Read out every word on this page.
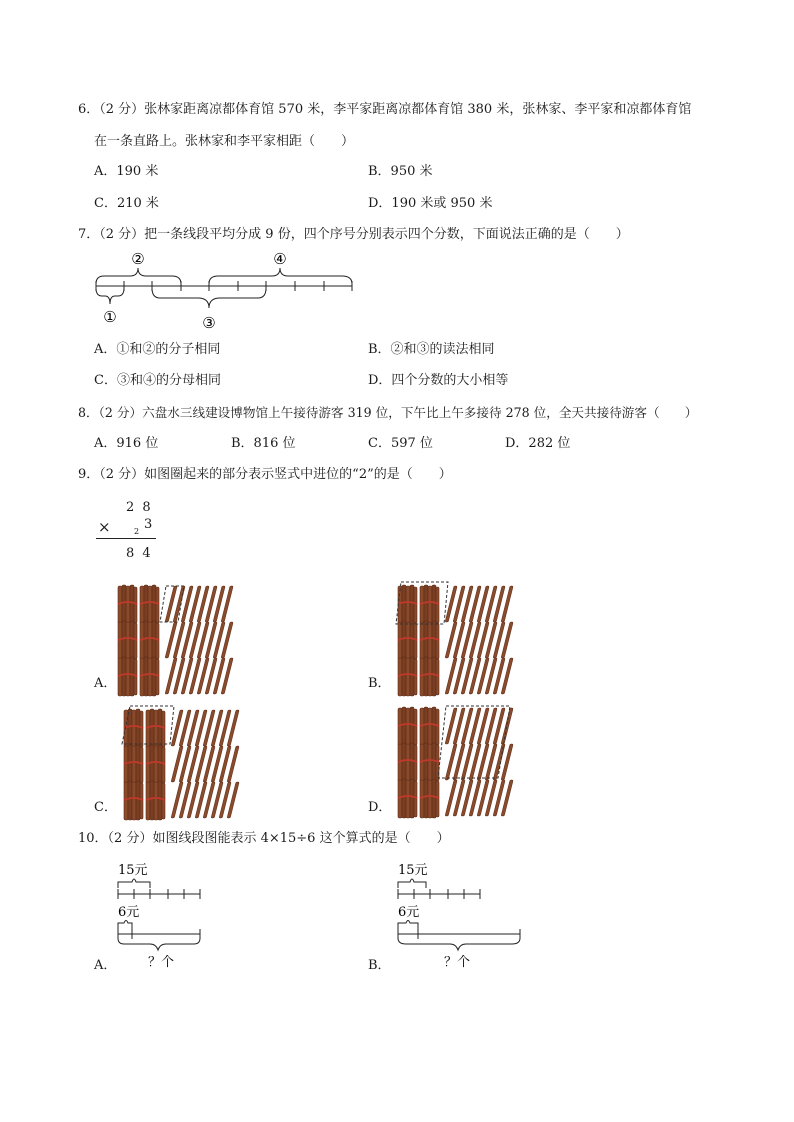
6．（2 分）张林家距离凉都体育馆 570 米，李平家距离凉都体育馆 380 米，张林家、李平家和凉都体育馆
在一条直路上。张林家和李平家相距（　　）
A．190 米	B．950 米
C．210 米	D．190 米或 950 米
7．（2 分）把一条线段平均分成 9 份，四个序号分别表示四个分数，下面说法正确的是（　　）
②	④
①	③
A．①和②的分子相同	B．②和③的读法相同
C．③和④的分母相同	D．四个分数的大小相等
8．（2 分）六盘水三线建设博物馆上午接待游客 319 位，下午比上午多接待 278 位，全天共接待游客（　　）
A．916 位	B．816 位	C．597 位	D．282 位
9．（2 分）如图圈起来的部分表示竖式中进位的“2”的是（　　）
2 8
×	2 3
8 4
A．	B．
C．	D．
10．（2 分）如图线段图能表示 4×15÷6 这个算式的是（　　）
15元
6元
？个
A．
15元
6元
？个
B．
